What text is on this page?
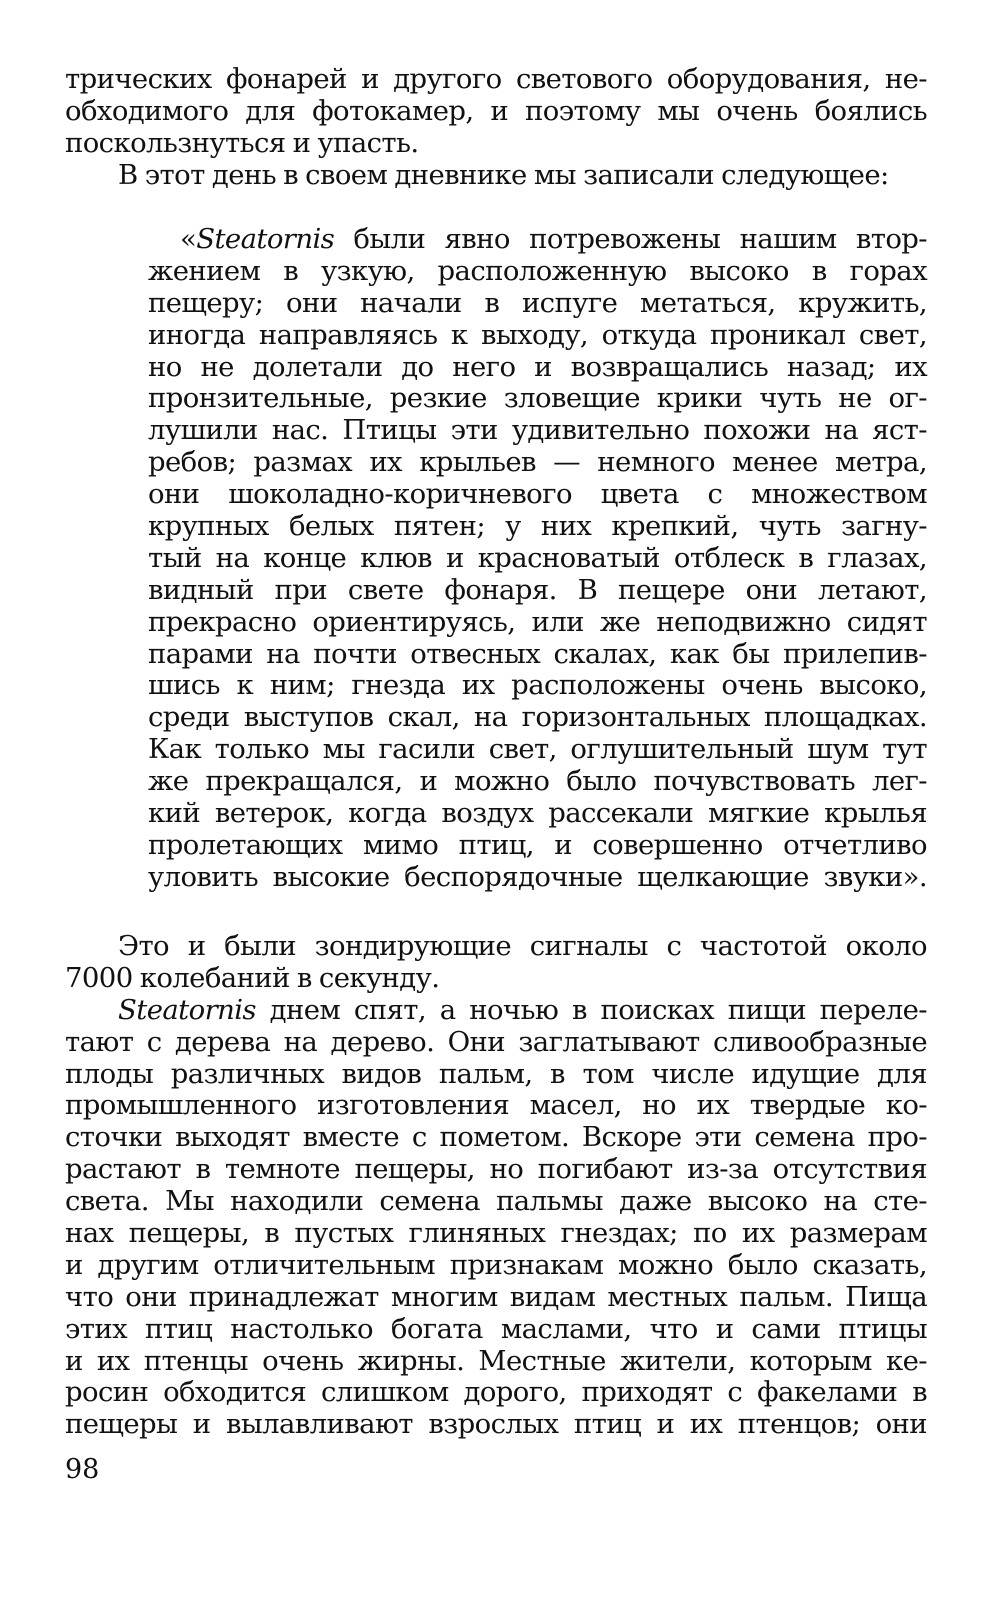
трических фонарей и другого светового оборудования, не-
обходимого для фотокамер, и поэтому мы очень боялись
поскользнуться и упасть.
В этот день в своем дневнике мы записали следующее:
«Steatornis были явно потревожены нашим втор-
жением в узкую, расположенную высоко в горах
пещеру; они начали в испуге метаться, кружить,
иногда направляясь к выходу, откуда проникал свет,
но не долетали до него и возвращались назад; их
пронзительные, резкие зловещие крики чуть не ог-
лушили нас. Птицы эти удивительно похожи на яст-
ребов; размах их крыльев — немного менее метра,
они шоколадно-коричневого цвета с множеством
крупных белых пятен; у них крепкий, чуть загну-
тый на конце клюв и красноватый отблеск в глазах,
видный при свете фонаря. В пещере они летают,
прекрасно ориентируясь, или же неподвижно сидят
парами на почти отвесных скалах, как бы прилепив-
шись к ним; гнезда их расположены очень высоко,
среди выступов скал, на горизонтальных площадках.
Как только мы гасили свет, оглушительный шум тут
же прекращался, и можно было почувствовать лег-
кий ветерок, когда воздух рассекали мягкие крылья
пролетающих мимо птиц, и совершенно отчетливо
уловить высокие беспорядочные щелкающие звуки».
Это и были зондирующие сигналы с частотой около
7000 колебаний в секунду.
Steatornis днем спят, а ночью в поисках пищи переле-
тают с дерева на дерево. Они заглатывают сливообразные
плоды различных видов пальм, в том числе идущие для
промышленного изготовления масел, но их твердые ко-
сточки выходят вместе с пометом. Вскоре эти семена про-
растают в темноте пещеры, но погибают из-за отсутствия
света. Мы находили семена пальмы даже высоко на сте-
нах пещеры, в пустых глиняных гнездах; по их размерам
и другим отличительным признакам можно было сказать,
что они принадлежат многим видам местных пальм. Пища
этих птиц настолько богата маслами, что и сами птицы
и их птенцы очень жирны. Местные жители, которым ке-
росин обходится слишком дорого, приходят с факелами в
пещеры и вылавливают взрослых птиц и их птенцов; они
98
